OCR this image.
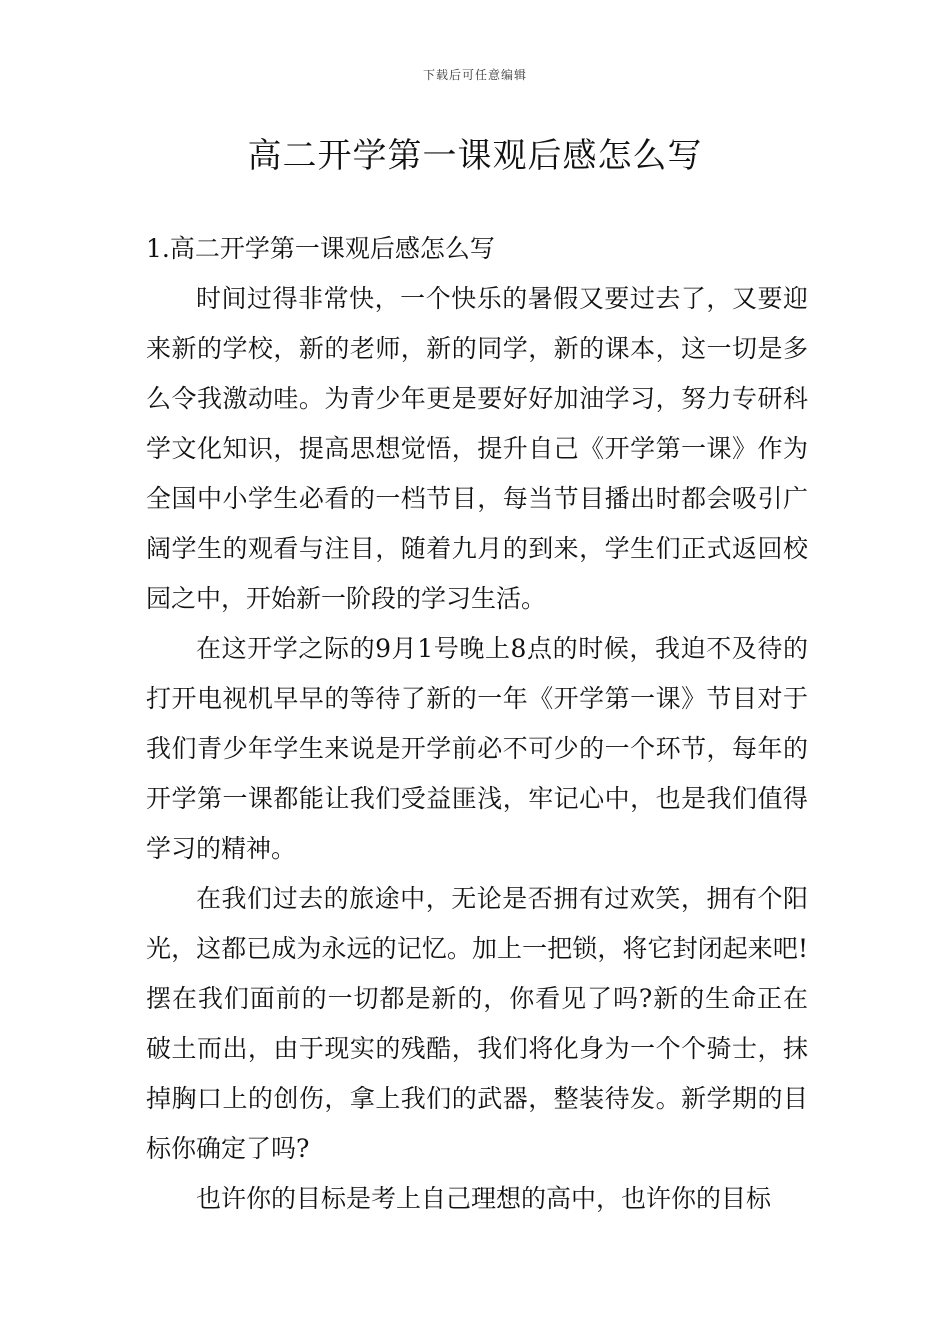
下载后可任意编辑
高二开学第一课观后感怎么写

1.高二开学第一课观后感怎么写

时间过得非常快，一个快乐的暑假又要过去了，又要迎来新的学校，新的老师，新的同学，新的课本，这一切是多么令我激动哇。为青少年更是要好好加油学习，努力专研科学文化知识，提高思想觉悟，提升自己《开学第一课》作为全国中小学生必看的一档节目，每当节目播出时都会吸引广阔学生的观看与注目，随着九月的到来，学生们正式返回校园之中，开始新一阶段的学习生活。

在这开学之际的9月1号晚上8点的时候，我迫不及待的打开电视机早早的等待了新的一年《开学第一课》节目对于我们青少年学生来说是开学前必不可少的一个环节，每年的开学第一课都能让我们受益匪浅，牢记心中，也是我们值得学习的精神。

在我们过去的旅途中，无论是否拥有过欢笑，拥有个阳光，这都已成为永远的记忆。加上一把锁，将它封闭起来吧!摆在我们面前的一切都是新的，你看见了吗?新的生命正在破土而出，由于现实的残酷，我们将化身为一个个骑士，抹掉胸口上的创伤，拿上我们的武器，整装待发。新学期的目标你确定了吗?

也许你的目标是考上自己理想的高中，也许你的目标
